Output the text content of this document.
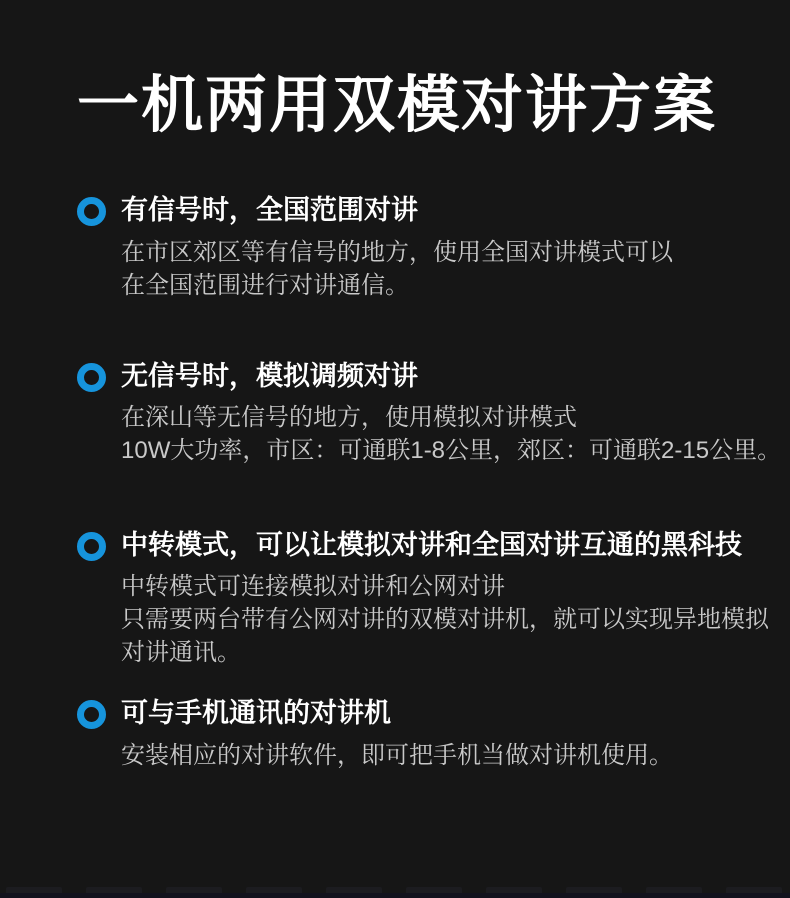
一机两用双模对讲方案
有信号时，全国范围对讲
在市区郊区等有信号的地方，使用全国对讲模式可以
在全国范围进行对讲通信。
无信号时，模拟调频对讲
在深山等无信号的地方，使用模拟对讲模式
10W大功率，市区：可通联1-8公里，郊区：可通联2-15公里。
中转模式，可以让模拟对讲和全国对讲互通的黑科技
中转模式可连接模拟对讲和公网对讲
只需要两台带有公网对讲的双模对讲机，就可以实现异地模拟
对讲通讯。
可与手机通讯的对讲机
安装相应的对讲软件，即可把手机当做对讲机使用。
